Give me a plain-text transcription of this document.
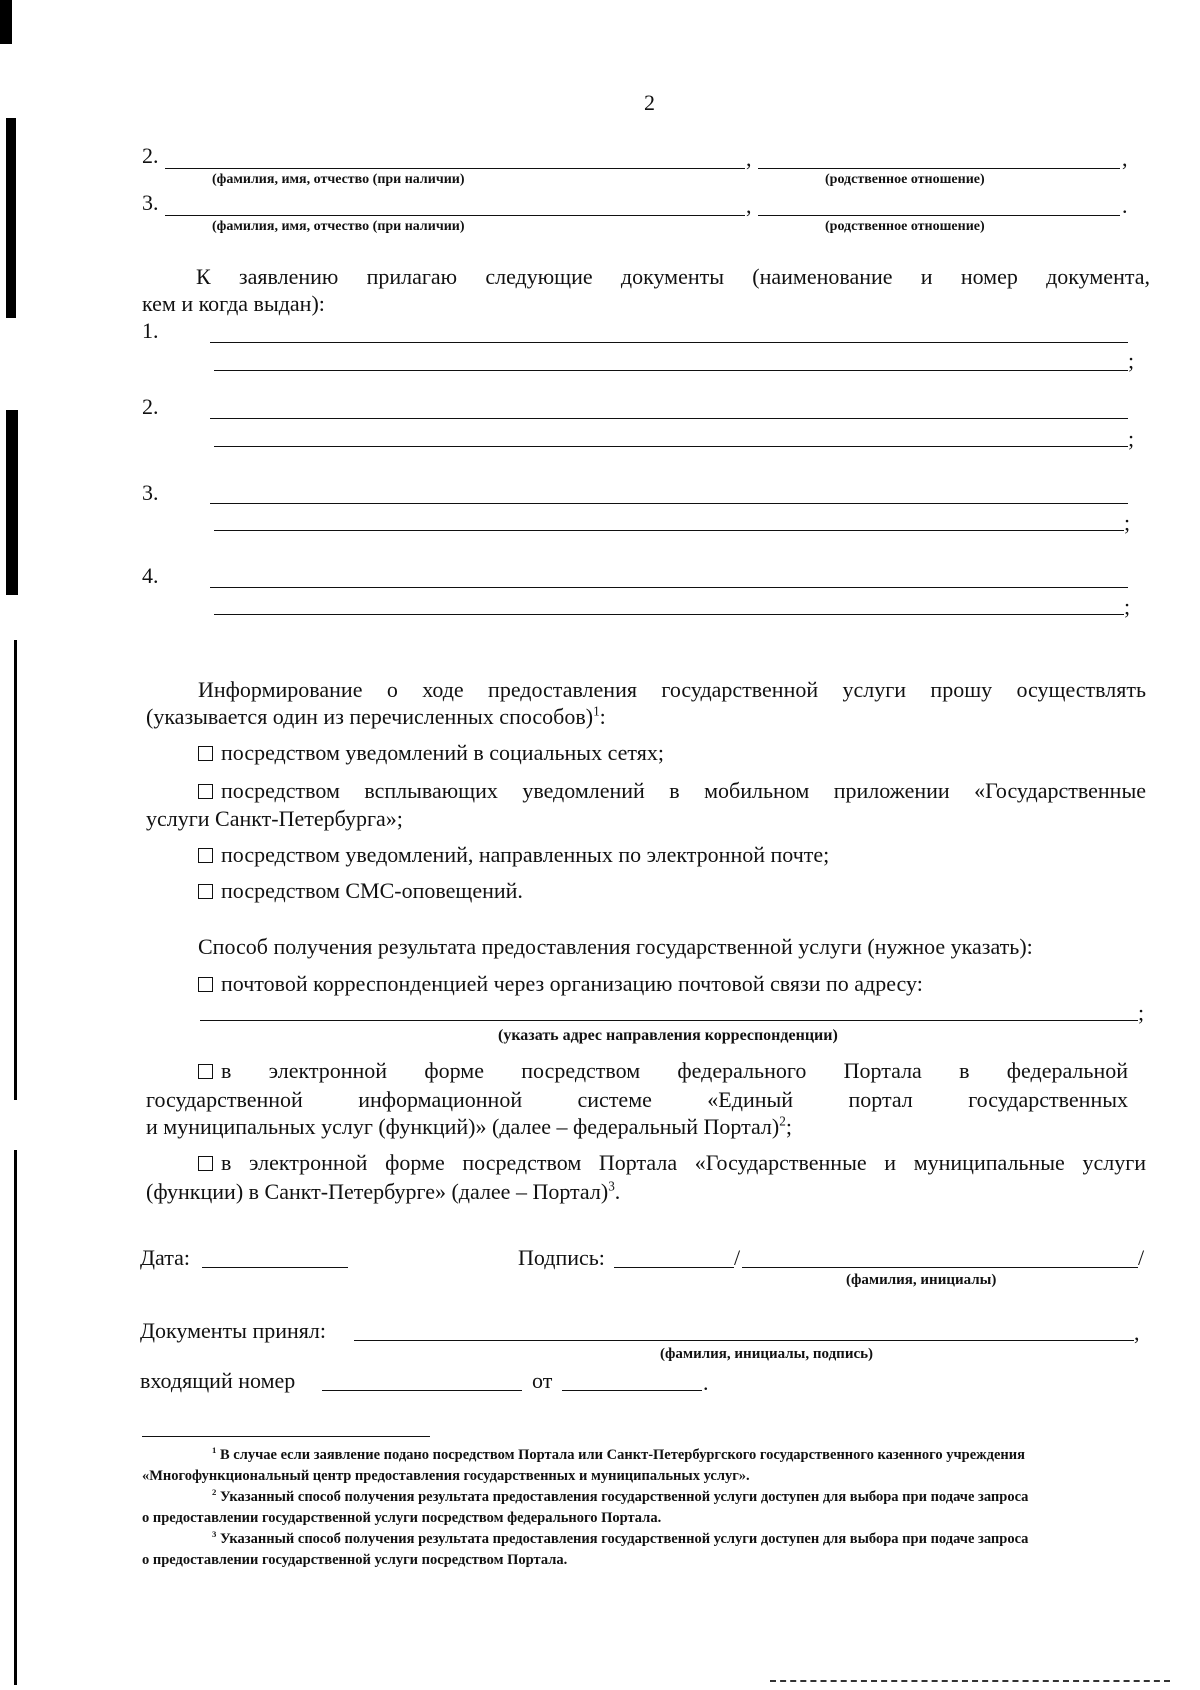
2
2.	,	,
(фамилия, имя, отчество (при наличии)	(родственное отношение)
3.	,	.
(фамилия, имя, отчество (при наличии)	(родственное отношение)
К заявлению прилагаю следующие документы (наименование и номер документа,
кем и когда выдан):
1.
;
2.
;
3.
;
4.
;
Информирование о ходе предоставления государственной услуги прошу осуществлять
(указывается один из перечисленных способов)$^1$:
посредством уведомлений в социальных сетях;
посредством всплывающих уведомлений в мобильном приложении «Государственные
услуги Санкт-Петербурга»;
посредством уведомлений, направленных по электронной почте;
посредством СМС-оповещений.
Способ получения результата предоставления государственной услуги (нужное указать):
почтовой корреспонденцией через организацию почтовой связи по адресу:
;
(указать адрес направления корреспонденции)
в электронной форме посредством федерального Портала в федеральной
государственной информационной системе «Единый портал государственных
и муниципальных услуг (функций)» (далее – федеральный Портал)$^2$;
в электронной форме посредством Портала «Государственные и муниципальные услуги
(функции) в Санкт-Петербурге» (далее – Портал)$^3$.
Дата:	Подпись:	/	/
(фамилия, инициалы)
Документы принял:	,
(фамилия, инициалы, подпись)
входящий номер	от	.
$^1$ В случае если заявление подано посредством Портала или Санкт-Петербургского государственного казенного учреждения
«Многофункциональный центр предоставления государственных и муниципальных услуг».
$^2$ Указанный способ получения результата предоставления государственной услуги доступен для выбора при подаче запроса
о предоставлении государственной услуги посредством федерального Портала.
$^3$ Указанный способ получения результата предоставления государственной услуги доступен для выбора при подаче запроса
о предоставлении государственной услуги посредством Портала.
